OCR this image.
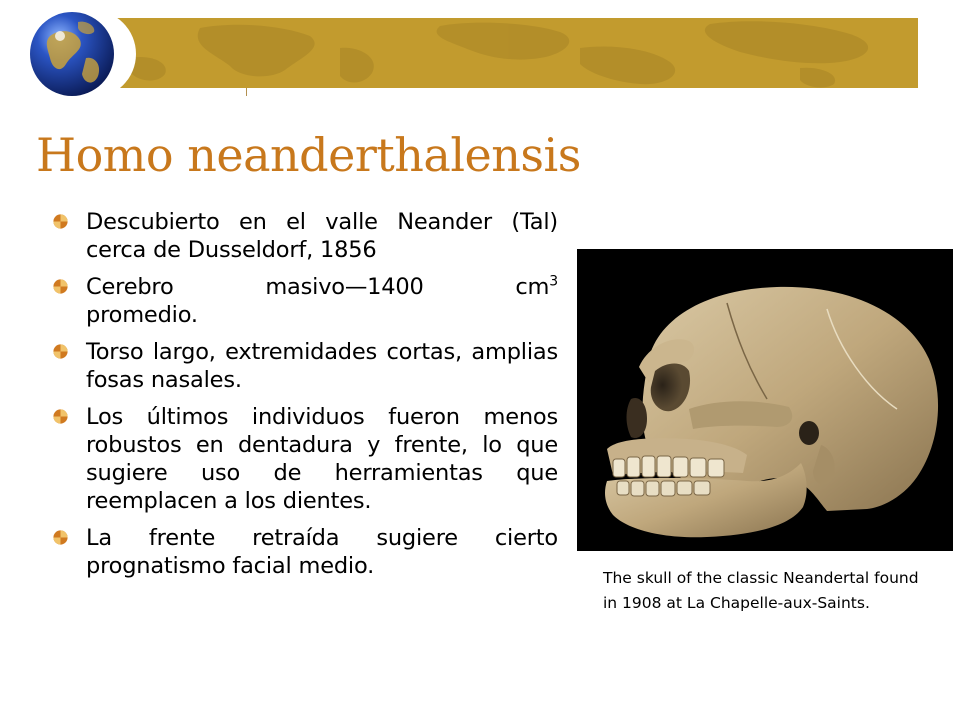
Homo neanderthalensis
Descubierto en el valle Neander (Tal) cerca de Dusseldorf, 1856
Cerebro masivo—1400 $cm^3$ promedio.
Torso largo, extremidades cortas, amplias fosas nasales.
Los últimos individuos fueron menos robustos en dentadura y frente, lo que sugiere uso de herramientas que reemplacen a los dientes.
La frente retraída sugiere cierto prognatismo facial medio.	The skull of the classic Neandertal found in 1908 at La Chapelle-aux-Saints.
